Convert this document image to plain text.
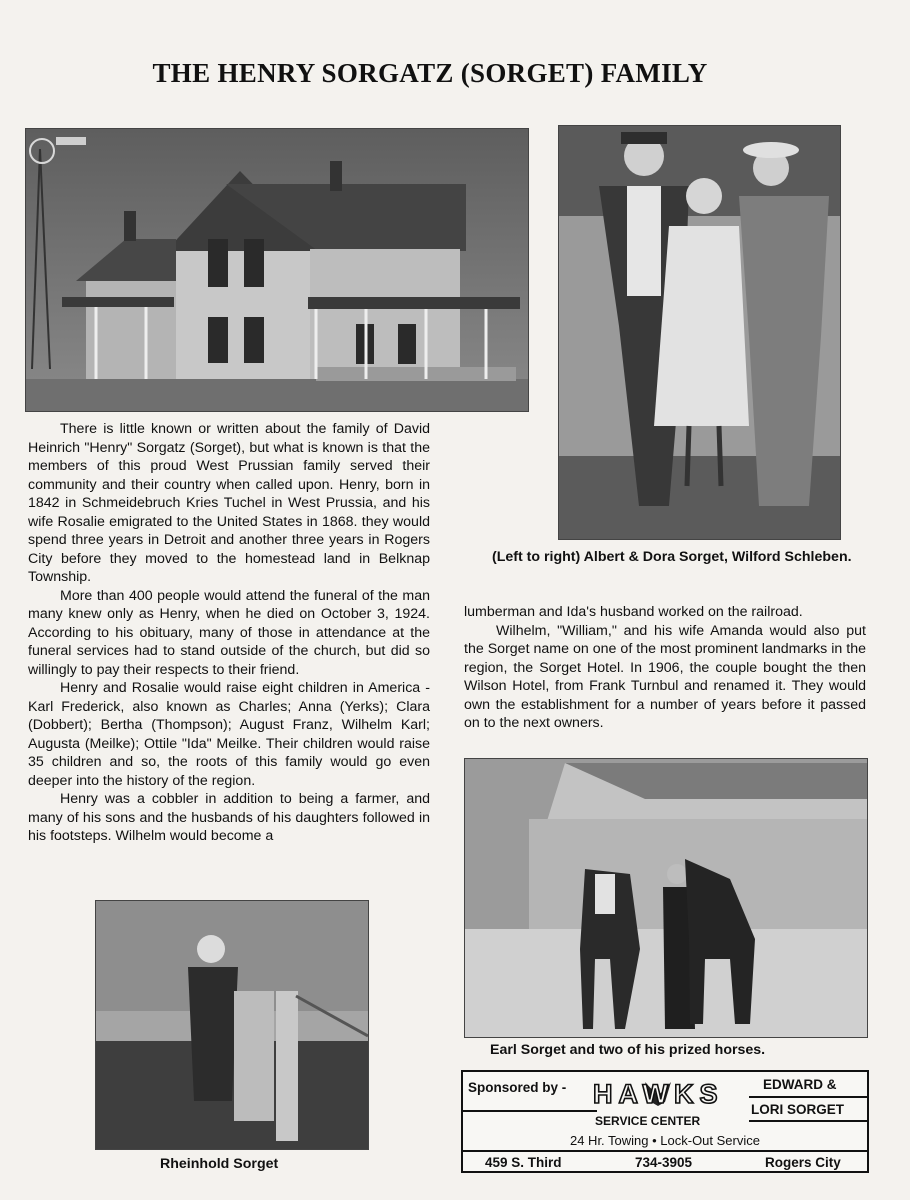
THE HENRY SORGATZ (SORGET) FAMILY
(Left to right) Albert & Dora Sorget, Wilford Schleben.

There is little known or written about the family of David Heinrich "Henry" Sorgatz (Sorget), but what is known is that the members of this proud West Prussian family served their community and their country when called upon. Henry, born in 1842 in Schmeidebruch Kries Tuchel in West Prussia, and his wife Rosalie emigrated to the United States in 1868. they would spend three years in Detroit and another three years in Rogers City before they moved to the homestead land in Belknap Township.

More than 400 people would attend the funeral of the man many knew only as Henry, when he died on October 3, 1924. According to his obituary, many of those in attendance at the funeral services had to stand outside of the church, but did so willingly to pay their respects to their friend.

Henry and Rosalie would raise eight children in America - Karl Frederick, also known as Charles; Anna (Yerks); Clara (Dobbert); Bertha (Thompson); August Franz, Wilhelm Karl; Augusta (Meilke); Ottile "Ida" Meilke. Their children would raise 35 children and so, the roots of this family would go even deeper into the history of the region.

Henry was a cobbler in addition to being a farmer, and many of his sons and the husbands of his daughters followed in his footsteps. Wilhelm would become a

lumberman and Ida's husband worked on the railroad.

Wilhelm, "William," and his wife Amanda would also put the Sorget name on one of the most prominent landmarks in the region, the Sorget Hotel. In 1906, the couple bought the then Wilson Hotel, from Frank Turnbul and renamed it. They would own the establishment for a number of years before it passed on to the next owners.

Rheinhold Sorget
Earl Sorget and two of his prized horses.
Sponsored by - HAWKS	EDWARD &
LORI SORGET
SERVICE CENTER
24 Hr. Towing • Lock-Out Service
459 S. Third	734-3905	Rogers City
